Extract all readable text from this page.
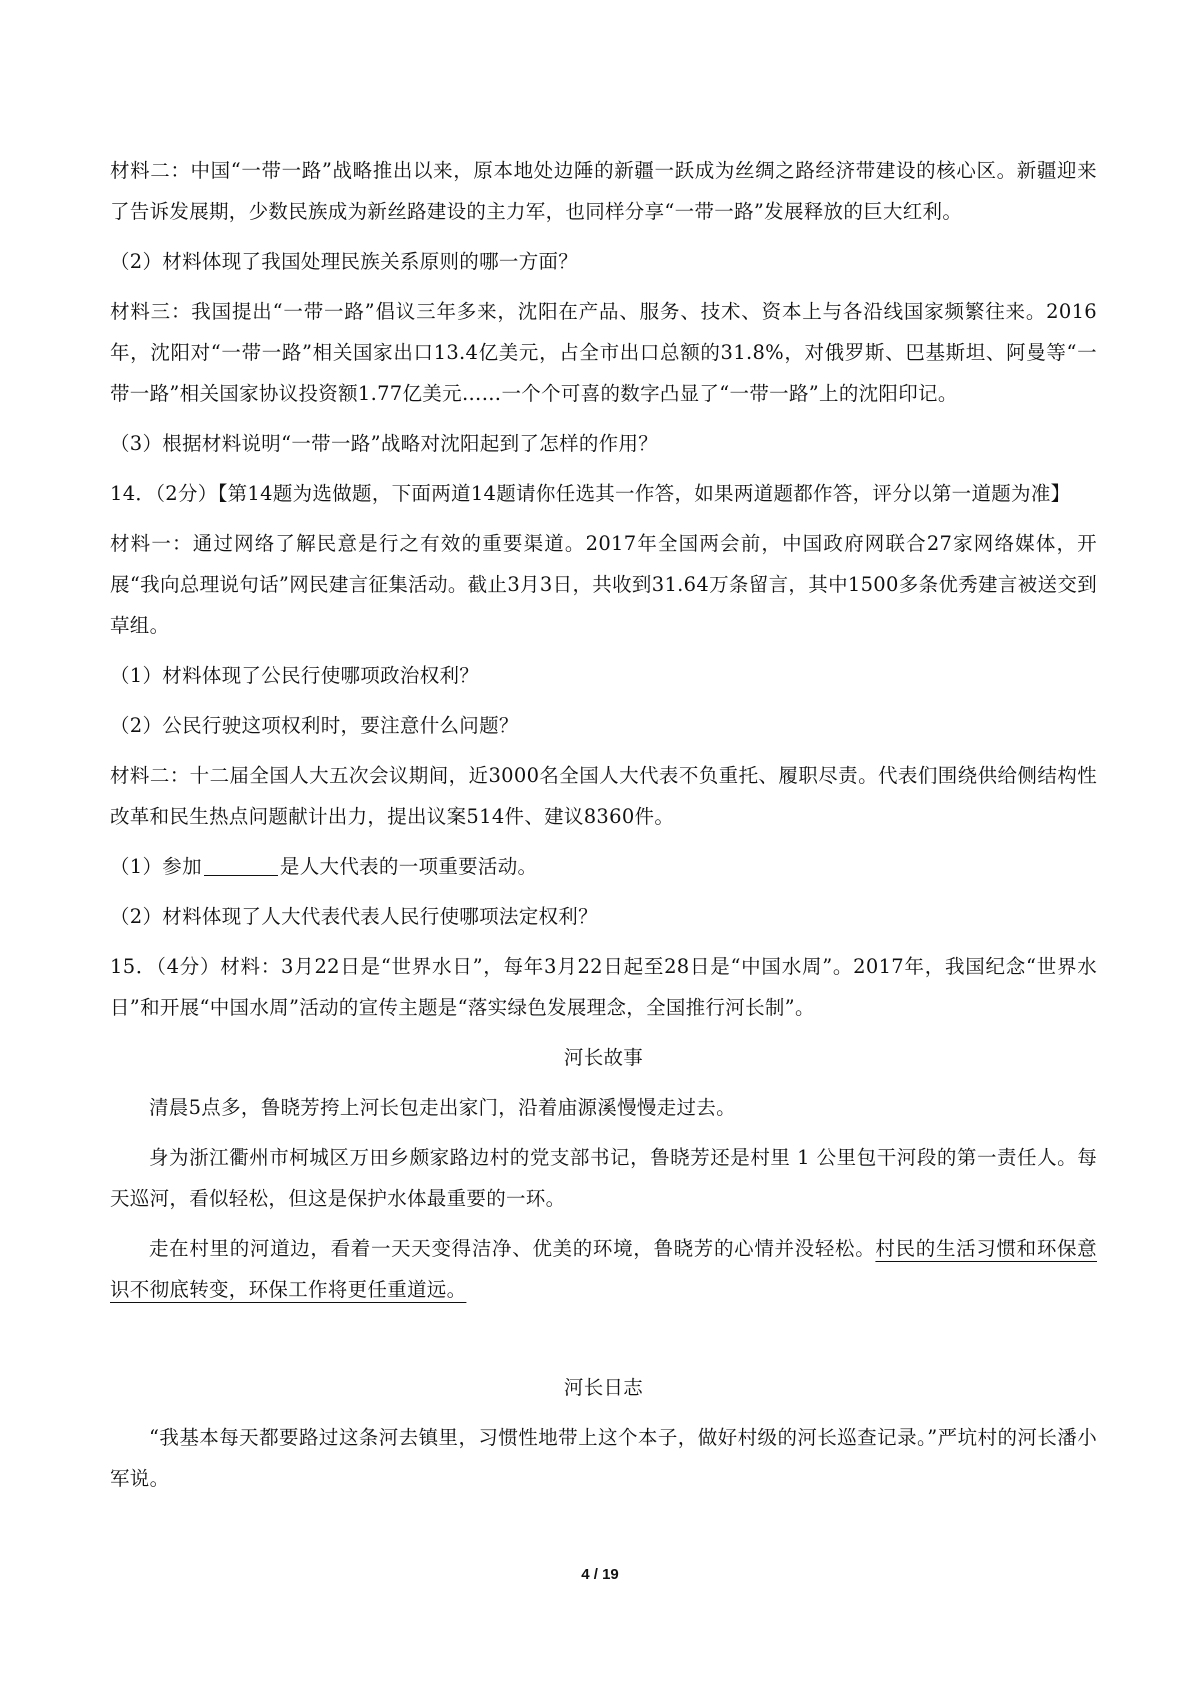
材料二：中国“一带一路”战略推出以来，原本地处边陲的新疆一跃成为丝绸之路经济带建设的核心区。新疆迎来了告诉发展期，少数民族成为新丝路建设的主力军，也同样分享“一带一路”发展释放的巨大红利。

（2）材料体现了我国处理民族关系原则的哪一方面？

材料三：我国提出“一带一路”倡议三年多来，沈阳在产品、服务、技术、资本上与各沿线国家频繁往来。2016年，沈阳对“一带一路”相关国家出口13.4亿美元，占全市出口总额的31.8%，对俄罗斯、巴基斯坦、阿曼等“一带一路”相关国家协议投资额1.77亿美元……一个个可喜的数字凸显了“一带一路”上的沈阳印记。

（3）根据材料说明“一带一路”战略对沈阳起到了怎样的作用？

14．（2分）【第14题为选做题，下面两道14题请你任选其一作答，如果两道题都作答，评分以第一道题为准】

材料一：通过网络了解民意是行之有效的重要渠道。2017年全国两会前，中国政府网联合27家网络媒体，开展“我向总理说句话”网民建言征集活动。截止3月3日，共收到31.64万条留言，其中1500多条优秀建言被送交到草组。

（1）材料体现了公民行使哪项政治权利？

（2）公民行驶这项权利时，要注意什么问题？

材料二：十二届全国人大五次会议期间，近3000名全国人大代表不负重托、履职尽责。代表们围绕供给侧结构性改革和民生热点问题献计出力，提出议案514件、建议8360件。

（1）参加	是人大代表的一项重要活动。

（2）材料体现了人大代表代表人民行使哪项法定权利？

15．（4分）材料：3月22日是“世界水日”，每年3月22日起至28日是“中国水周”。2017年，我国纪念“世界水日”和开展“中国水周”活动的宣传主题是“落实绿色发展理念，全国推行河长制”。

河长故事

清晨5点多，鲁晓芳挎上河长包走出家门，沿着庙源溪慢慢走过去。

身为浙江衢州市柯城区万田乡颇家路边村的党支部书记，鲁晓芳还是村里 1 公里包干河段的第一责任人。每天巡河，看似轻松，但这是保护水体最重要的一环。

走在村里的河道边，看着一天天变得洁净、优美的环境，鲁晓芳的心情并没轻松。村民的生活习惯和环保意识不彻底转变，环保工作将更任重道远。

河长日志

“我基本每天都要路过这条河去镇里，习惯性地带上这个本子，做好村级的河长巡查记录。”严坑村的河长潘小军说。

4 / 19
